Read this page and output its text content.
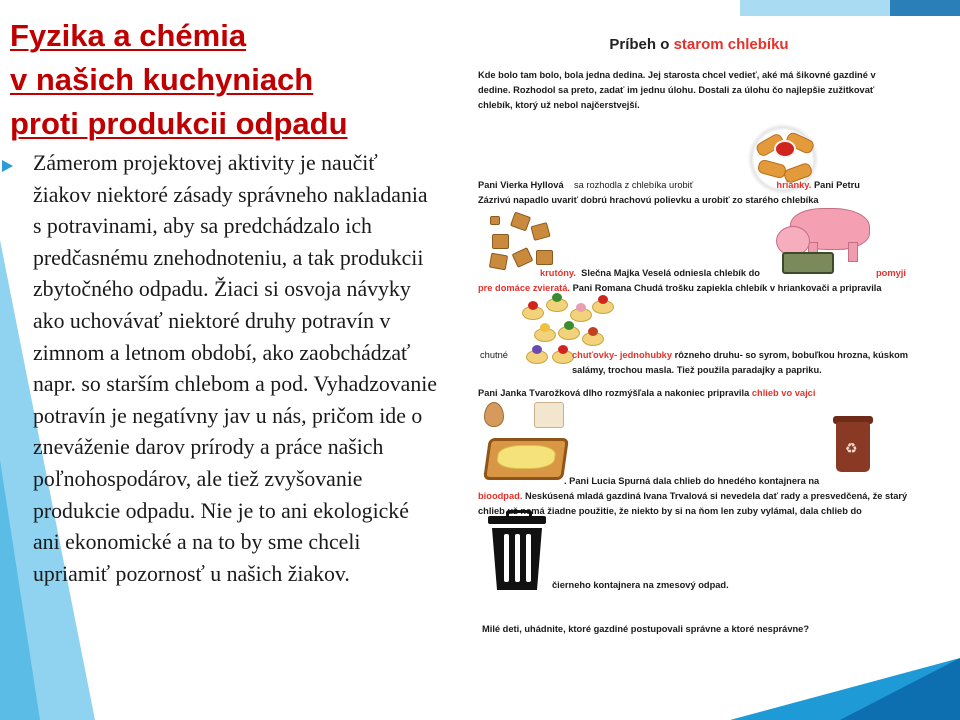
Fyzika a chémia
v našich kuchyniach
proti produkcii odpadu

Zámerom projektovej aktivity je naučiť žiakov niektoré zásady správneho nakladania s potravinami, aby sa predchádzalo ich predčasnému znehodnoteniu, a tak produkcii zbytočného odpadu. Žiaci si osvoja návyky ako uchovávať niektoré druhy potravín v zimnom a letnom období, ako zaobchádzať napr. so starším chlebom a pod. Vyhadzovanie potravín je negatívny jav u nás, pričom ide o zneváženie darov prírody a práce našich poľnohospodárov, ale tiež zvyšovanie produkcie odpadu. Nie je to ani ekologické ani ekonomické a na to by sme chceli upriamiť pozornosť u našich žiakov.

Príbeh o starom chlebíku
Kde bolo tam bolo, bola jedna dedina. Jej starosta chcel vedieť, aké má šikovné gazdiné v dedine. Rozhodol sa preto, zadať im jednu úlohu. Dostali za úlohu čo najlepšie zužitkovať chlebík, ktorý už nebol najčerstvejší.
Pani Vierka Hyllová sa rozhodla z chlebíka urobiť	hrianky. Pani Petru
Zázrivú napadlo uvariť dobrú hrachovú polievku a urobiť zo starého chlebíka
krutóny. Slečna Majka Veselá odniesla chlebík do	pomyji
pre domáce zvieratá. Pani Romana Chudá trošku zapiekla chlebík v hriankovači a pripravila
chutné	chuťovky- jednohubky rôzneho druhu- so syrom, bobuľkou hrozna, kúskom salámy, trochou masla. Tiež použila paradajky a papriku.
Pani Janka Tvarožková dlho rozmýšľala a nakoniec pripravila chlieb vo vajci
♻
. Pani Lucia Spurná dala chlieb do hnedého kontajnera na
bioodpad. Neskúsená mladá gazdiná Ivana Trvalová si nevedela dať rady a presvedčená, že starý chlieb už nemá žiadne použitie, že niekto by si na ňom len zuby vylámal, dala chlieb do
čierneho kontajnera na zmesový odpad.
Milé deti, uhádnite, ktoré gazdiné postupovali správne a ktoré nesprávne?
